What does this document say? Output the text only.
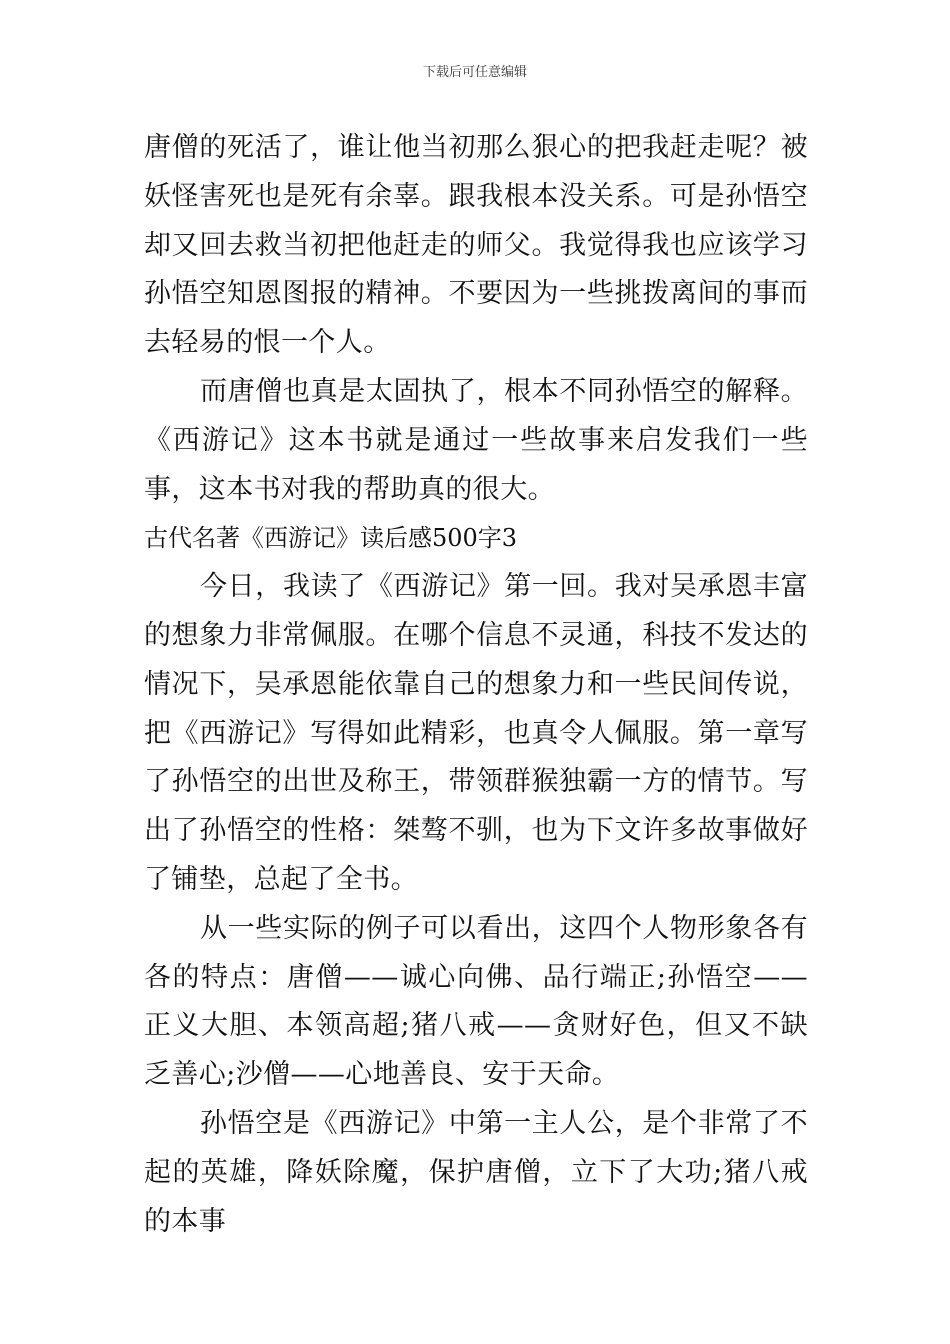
下载后可任意编辑

唐僧的死活了，谁让他当初那么狠心的把我赶走呢？被妖怪害死也是死有余辜。跟我根本没关系。可是孙悟空却又回去救当初把他赶走的师父。我觉得我也应该学习孙悟空知恩图报的精神。不要因为一些挑拨离间的事而去轻易的恨一个人。

而唐僧也真是太固执了，根本不同孙悟空的解释。《西游记》这本书就是通过一些故事来启发我们一些事，这本书对我的帮助真的很大。

古代名著《西游记》读后感500字3

今日，我读了《西游记》第一回。我对吴承恩丰富的想象力非常佩服。在哪个信息不灵通，科技不发达的情况下，吴承恩能依靠自己的想象力和一些民间传说，把《西游记》写得如此精彩，也真令人佩服。第一章写了孙悟空的出世及称王，带领群猴独霸一方的情节。写出了孙悟空的性格：桀骜不驯，也为下文许多故事做好了铺垫，总起了全书。

从一些实际的例子可以看出，这四个人物形象各有各的特点：唐僧——诚心向佛、品行端正;孙悟空——正义大胆、本领高超;猪八戒——贪财好色，但又不缺乏善心;沙僧——心地善良、安于天命。

孙悟空是《西游记》中第一主人公，是个非常了不起的英雄，降妖除魔，保护唐僧，立下了大功;猪八戒的本事
